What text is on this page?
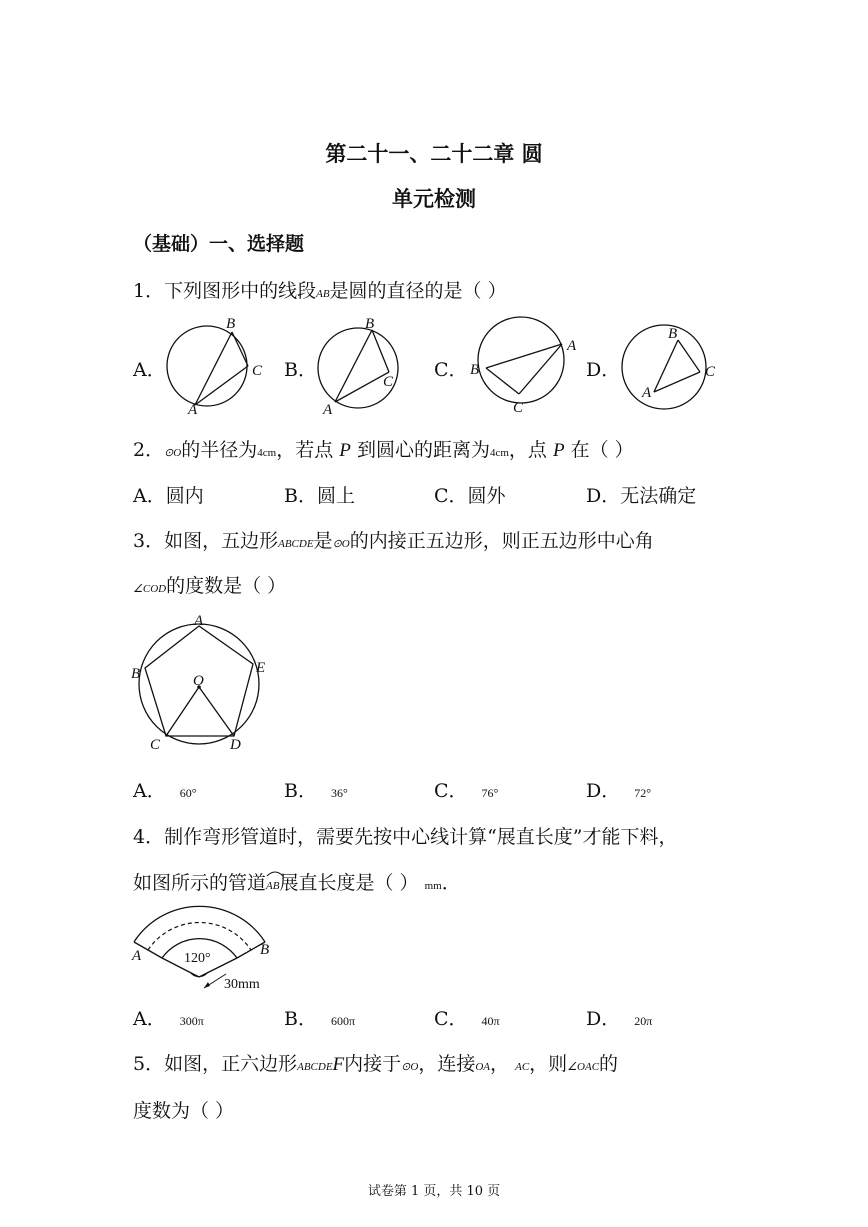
第二十一、二十二章 圆
单元检测
（基础）一、选择题
1．下列图形中的线段AB是圆的直径的是（ ）
A．
A
B
C B．
A
B
C
C． B
A
C
D．
A
B
C
2．⊙O的半径为4cm，若点 P 到圆心的距离为4cm，点 P 在（ ）
A．圆内	B．圆上	C．圆外	D．无法确定
3．如图，五边形ABCDE是⊙O的内接正五边形，则正五边形中心角
∠COD的度数是（ ）
A
B
C	D
E
O
A． 60°	B． 36°	C． 76°	D． 72°
4．制作弯形管道时，需要先按中心线计算“展直长度”才能下料，
如图所示的管道AB
展直长度是（ ） mm．
120°
30mm
A	B
A． 300π	B． 600π	C． 40π	D． 20π
5．如图，正六边形ABCDEF内接于⊙O，连接OA， AC，则∠OAC的
度数为（ ）
试卷第 1 页，共 10 页
